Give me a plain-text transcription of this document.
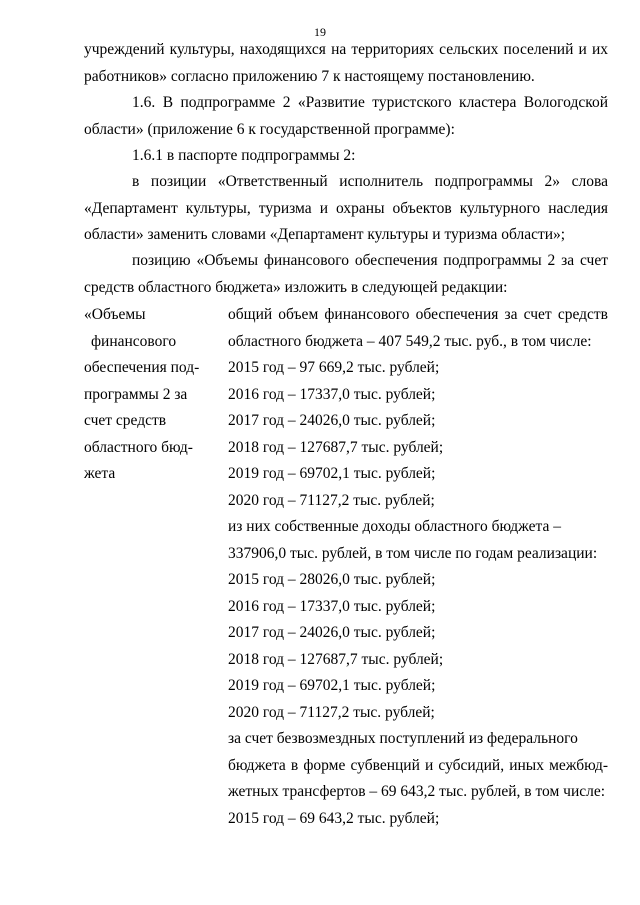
19
учреждений культуры, находящихся на территориях сельских поселений и их
работников» согласно приложению 7 к настоящему постановлению.
1.6. В подпрограмме 2 «Развитие туристского кластера Вологодской
области» (приложение 6 к государственной программе):
1.6.1 в паспорте подпрограммы 2:
в позиции «Ответственный исполнитель подпрограммы 2» слова
«Департамент культуры, туризма и охраны объектов культурного наследия
области» заменить словами «Департамент культуры и туризма области»;
позицию «Объемы финансового обеспечения подпрограммы 2 за счет
средств областного бюджета» изложить в следующей редакции:
«Объемы
финансового
обеспечения под-
программы 2 за
счет средств
областного бюд-
жета
общий объем финансового обеспечения за счет средств
областного бюджета – 407 549,2 тыс. руб., в том числе:
2015 год – 97 669,2 тыс. рублей;
2016 год – 17337,0 тыс. рублей;
2017 год – 24026,0 тыс. рублей;
2018 год – 127687,7 тыс. рублей;
2019 год – 69702,1 тыс. рублей;
2020 год – 71127,2 тыс. рублей;
из них собственные доходы областного бюджета –
337906,0 тыс. рублей, в том числе по годам реализации:
2015 год – 28026,0 тыс. рублей;
2016 год – 17337,0 тыс. рублей;
2017 год – 24026,0 тыс. рублей;
2018 год – 127687,7 тыс. рублей;
2019 год – 69702,1 тыс. рублей;
2020 год – 71127,2 тыс. рублей;
за счет безвозмездных поступлений из федерального
бюджета в форме субвенций и субсидий, иных межбюд-
жетных трансфертов – 69 643,2 тыс. рублей, в том числе:
2015 год – 69 643,2 тыс. рублей;
